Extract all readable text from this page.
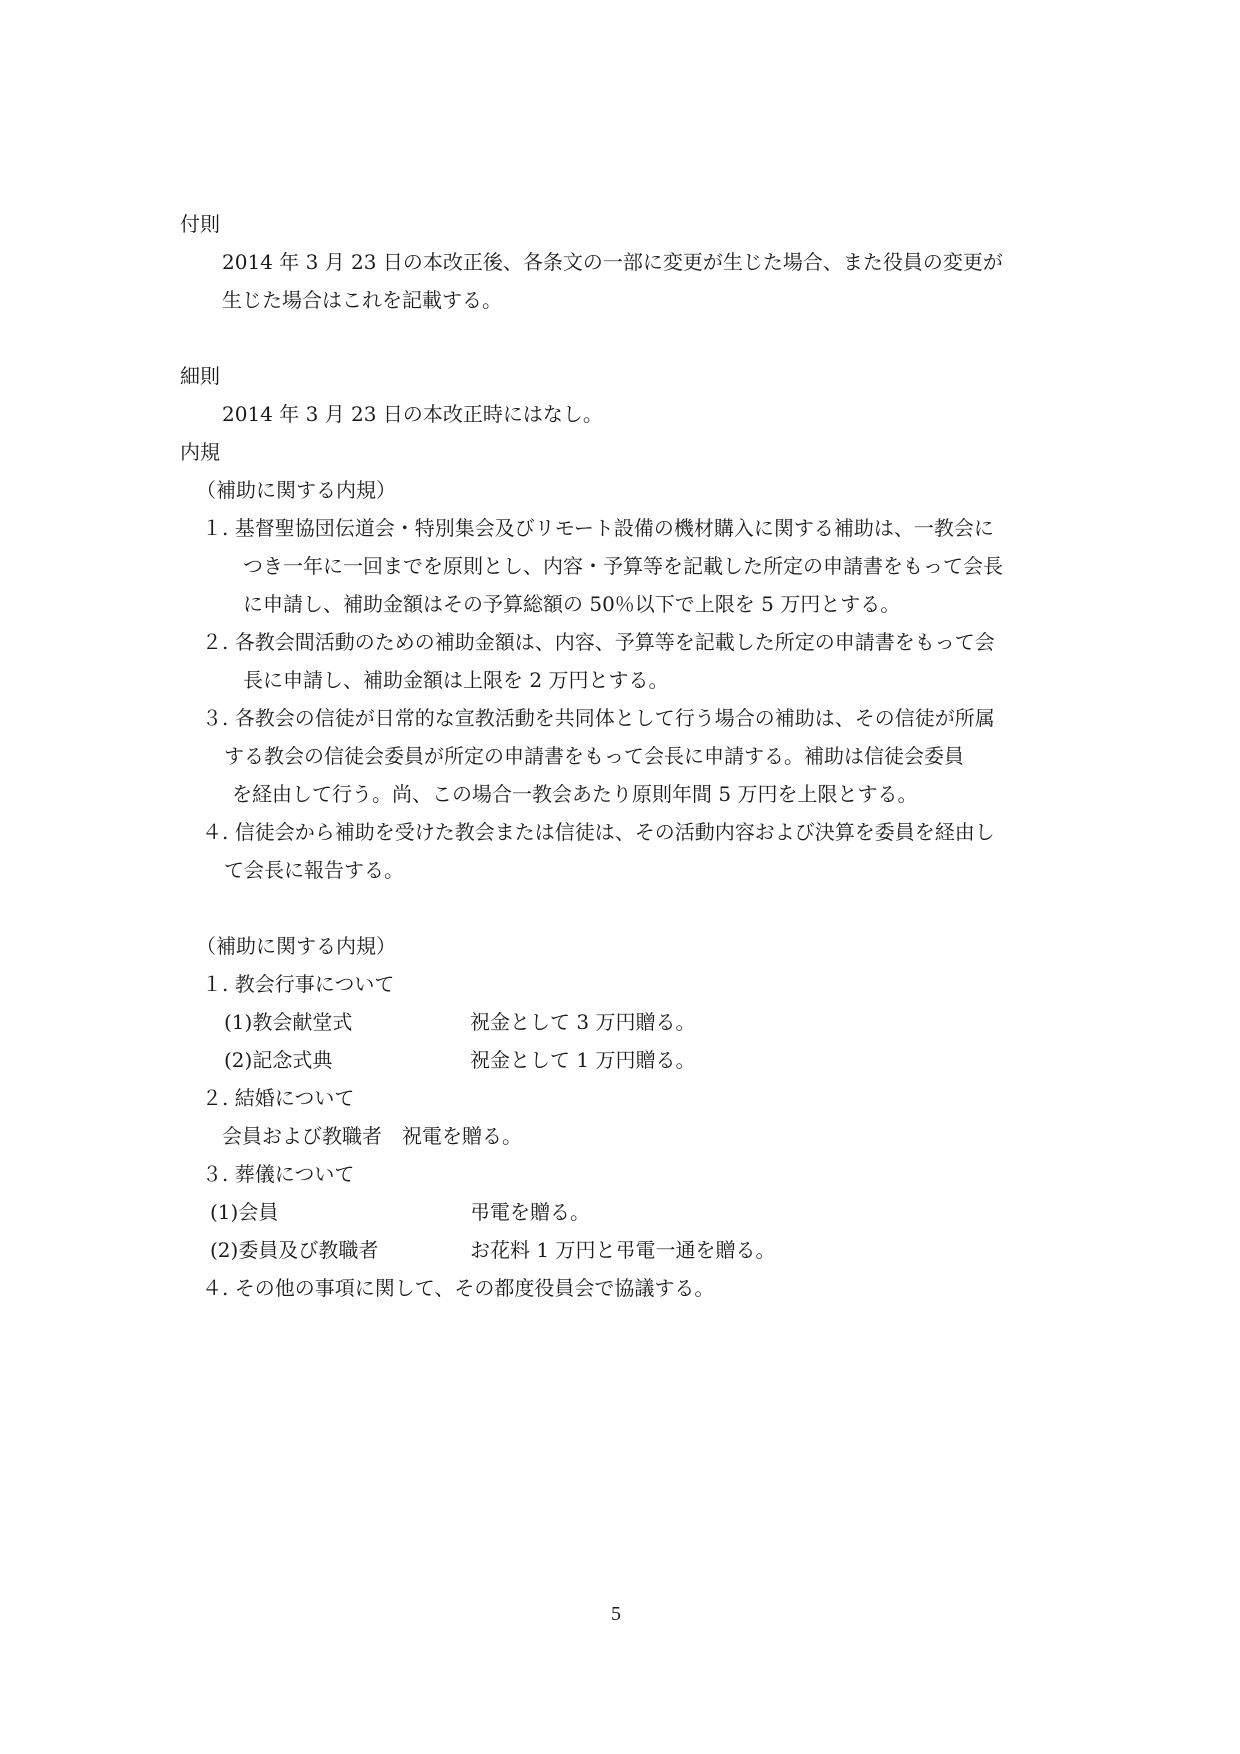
付則

2014 年 3 月 23 日の本改正後、各条文の一部に変更が生じた場合、また役員の変更が

生じた場合はこれを記載する。

細則

2014 年 3 月 23 日の本改正時にはなし。

内規

（補助に関する内規）

１. 基督聖協団伝道会・特別集会及びリモート設備の機材購入に関する補助は、一教会に

つき一年に一回までを原則とし、内容・予算等を記載した所定の申請書をもって会長

に申請し、補助金額はその予算総額の 50％以下で上限を 5 万円とする。

２. 各教会間活動のための補助金額は、内容、予算等を記載した所定の申請書をもって会

長に申請し、補助金額は上限を 2 万円とする。

３. 各教会の信徒が日常的な宣教活動を共同体として行う場合の補助は、その信徒が所属

する教会の信徒会委員が所定の申請書をもって会長に申請する。補助は信徒会委員

を経由して行う。尚、この場合一教会あたり原則年間 5 万円を上限とする。

４. 信徒会から補助を受けた教会または信徒は、その活動内容および決算を委員を経由し

て会長に報告する。

（補助に関する内規）

１. 教会行事について

(1)教会献堂式	祝金として 3 万円贈る。

(2)記念式典	祝金として 1 万円贈る。

２. 結婚について

会員および教職者　祝電を贈る。

３. 葬儀について

(1)会員	弔電を贈る。

(2)委員及び教職者	お花料 1 万円と弔電一通を贈る。

４. その他の事項に関して、その都度役員会で協議する。

5
